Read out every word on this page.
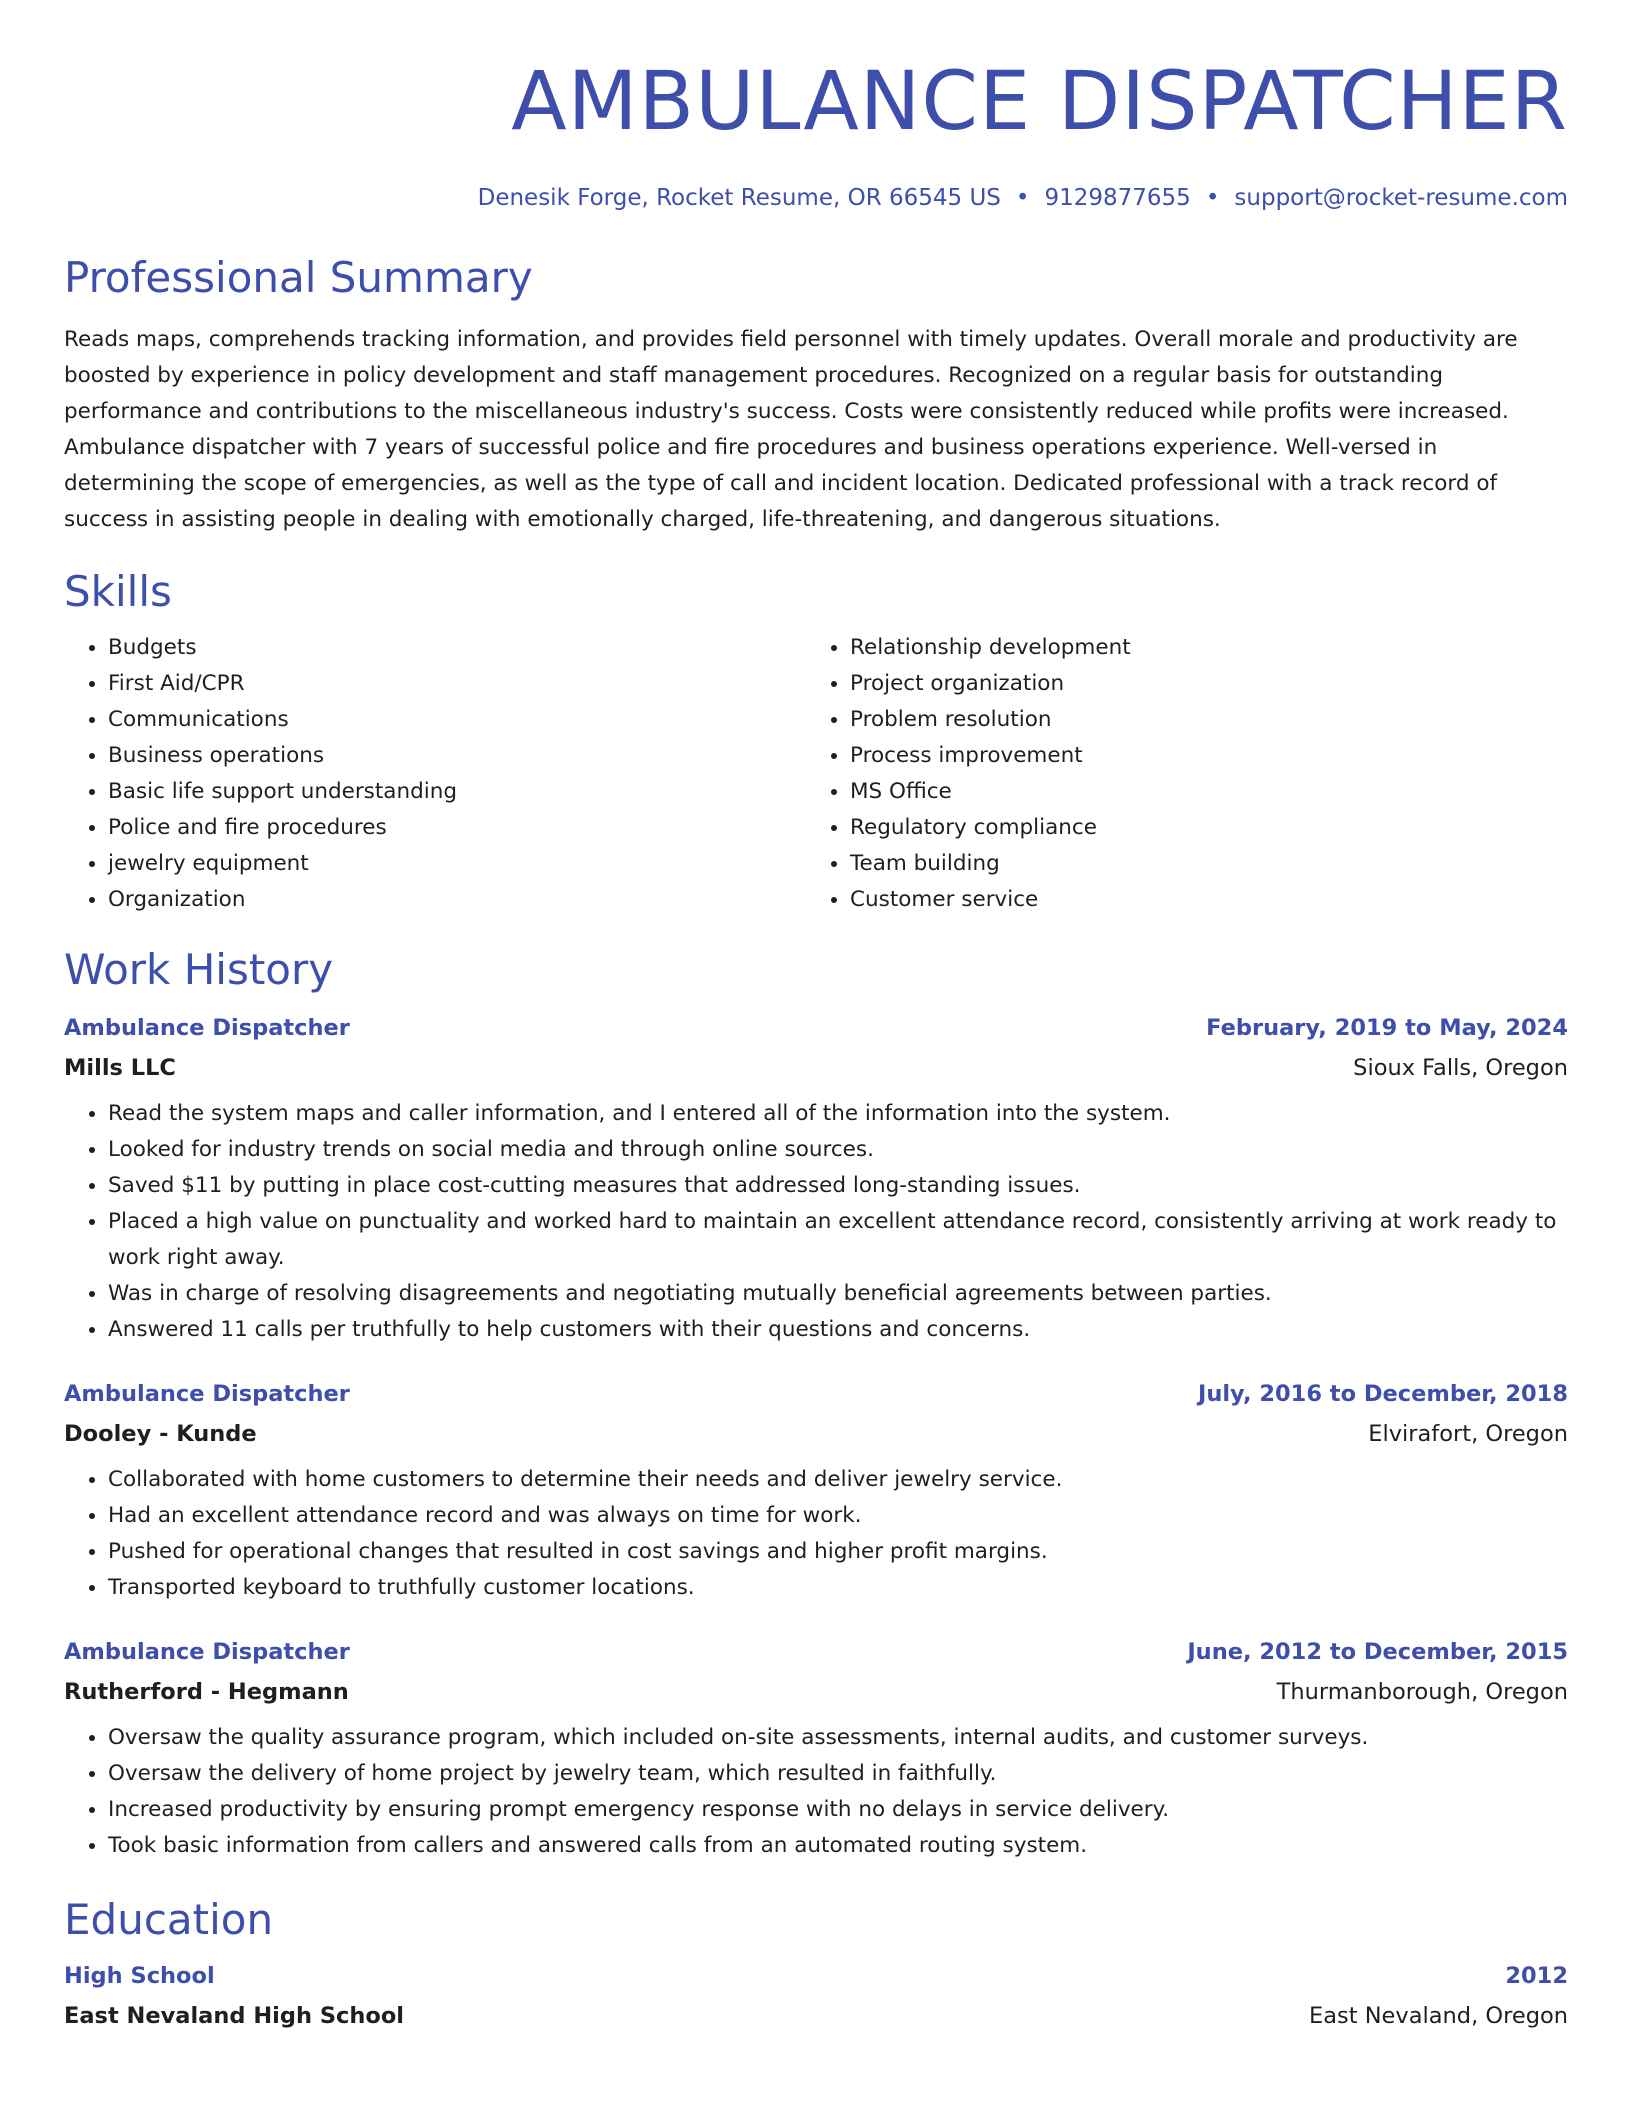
AMBULANCE DISPATCHER
Denesik Forge, Rocket Resume, OR 66545 US • 9129877655 • support@rocket-resume.com
Professional Summary

Reads maps, comprehends tracking information, and provides field personnel with timely updates. Overall morale and productivity are boosted by experience in policy development and staff management procedures. Recognized on a regular basis for outstanding performance and contributions to the miscellaneous industry's success. Costs were consistently reduced while profits were increased. Ambulance dispatcher with 7 years of successful police and fire procedures and business operations experience. Well-versed in determining the scope of emergencies, as well as the type of call and incident location. Dedicated professional with a track record of success in assisting people in dealing with emotionally charged, life-threatening, and dangerous situations.

Skills
• Budgets
• First Aid/CPR
• Communications
• Business operations
• Basic life support understanding
• Police and fire procedures
• jewelry equipment
• Organization
• Relationship development
• Project organization
• Problem resolution
• Process improvement
• MS Office
• Regulatory compliance
• Team building
• Customer service
Work History
Ambulance Dispatcher	February, 2019 to May, 2024
Mills LLC	Sioux Falls, Oregon
• Read the system maps and caller information, and I entered all of the information into the system.
• Looked for industry trends on social media and through online sources.
• Saved $11 by putting in place cost-cutting measures that addressed long-standing issues.
• Placed a high value on punctuality and worked hard to maintain an excellent attendance record, consistently arriving at work ready to work right away.
• Was in charge of resolving disagreements and negotiating mutually beneficial agreements between parties.
• Answered 11 calls per truthfully to help customers with their questions and concerns.
Ambulance Dispatcher	July, 2016 to December, 2018
Dooley - Kunde	Elvirafort, Oregon
• Collaborated with home customers to determine their needs and deliver jewelry service.
• Had an excellent attendance record and was always on time for work.
• Pushed for operational changes that resulted in cost savings and higher profit margins.
• Transported keyboard to truthfully customer locations.
Ambulance Dispatcher	June, 2012 to December, 2015
Rutherford - Hegmann	Thurmanborough, Oregon
• Oversaw the quality assurance program, which included on-site assessments, internal audits, and customer surveys.
• Oversaw the delivery of home project by jewelry team, which resulted in faithfully.
• Increased productivity by ensuring prompt emergency response with no delays in service delivery.
• Took basic information from callers and answered calls from an automated routing system.
Education
High School	2012
East Nevaland High School	East Nevaland, Oregon
